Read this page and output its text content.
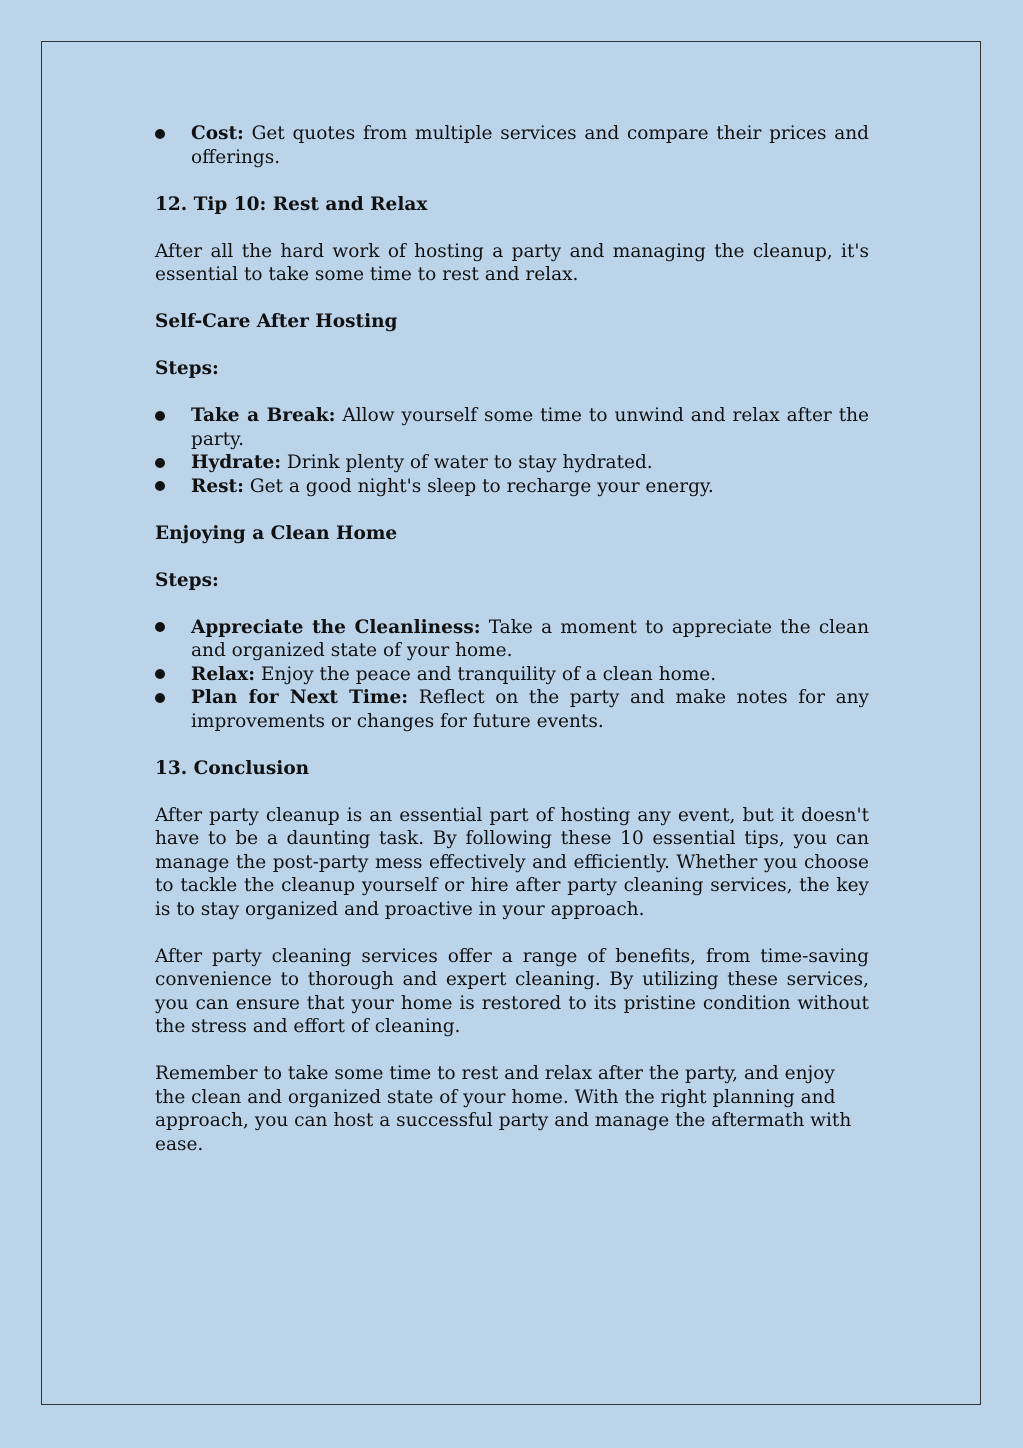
Cost: Get quotes from multiple services and compare their prices and offerings.

12. Tip 10: Rest and Relax

After all the hard work of hosting a party and managing the cleanup, it's essential to take some time to rest and relax.

Self-Care After Hosting

Steps:

Take a Break: Allow yourself some time to unwind and relax after the party.
Hydrate: Drink plenty of water to stay hydrated.
Rest: Get a good night's sleep to recharge your energy.

Enjoying a Clean Home

Steps:

Appreciate the Cleanliness: Take a moment to appreciate the clean and organized state of your home.
Relax: Enjoy the peace and tranquility of a clean home.
Plan for Next Time: Reflect on the party and make notes for any improvements or changes for future events.

13. Conclusion

After party cleanup is an essential part of hosting any event, but it doesn't have to be a daunting task. By following these 10 essential tips, you can manage the post-party mess effectively and efficiently. Whether you choose to tackle the cleanup yourself or hire after party cleaning services, the key is to stay organized and proactive in your approach.

After party cleaning services offer a range of benefits, from time-saving convenience to thorough and expert cleaning. By utilizing these services, you can ensure that your home is restored to its pristine condition without the stress and effort of cleaning.

Remember to take some time to rest and relax after the party, and enjoy the clean and organized state of your home. With the right planning and approach, you can host a successful party and manage the aftermath with ease.
